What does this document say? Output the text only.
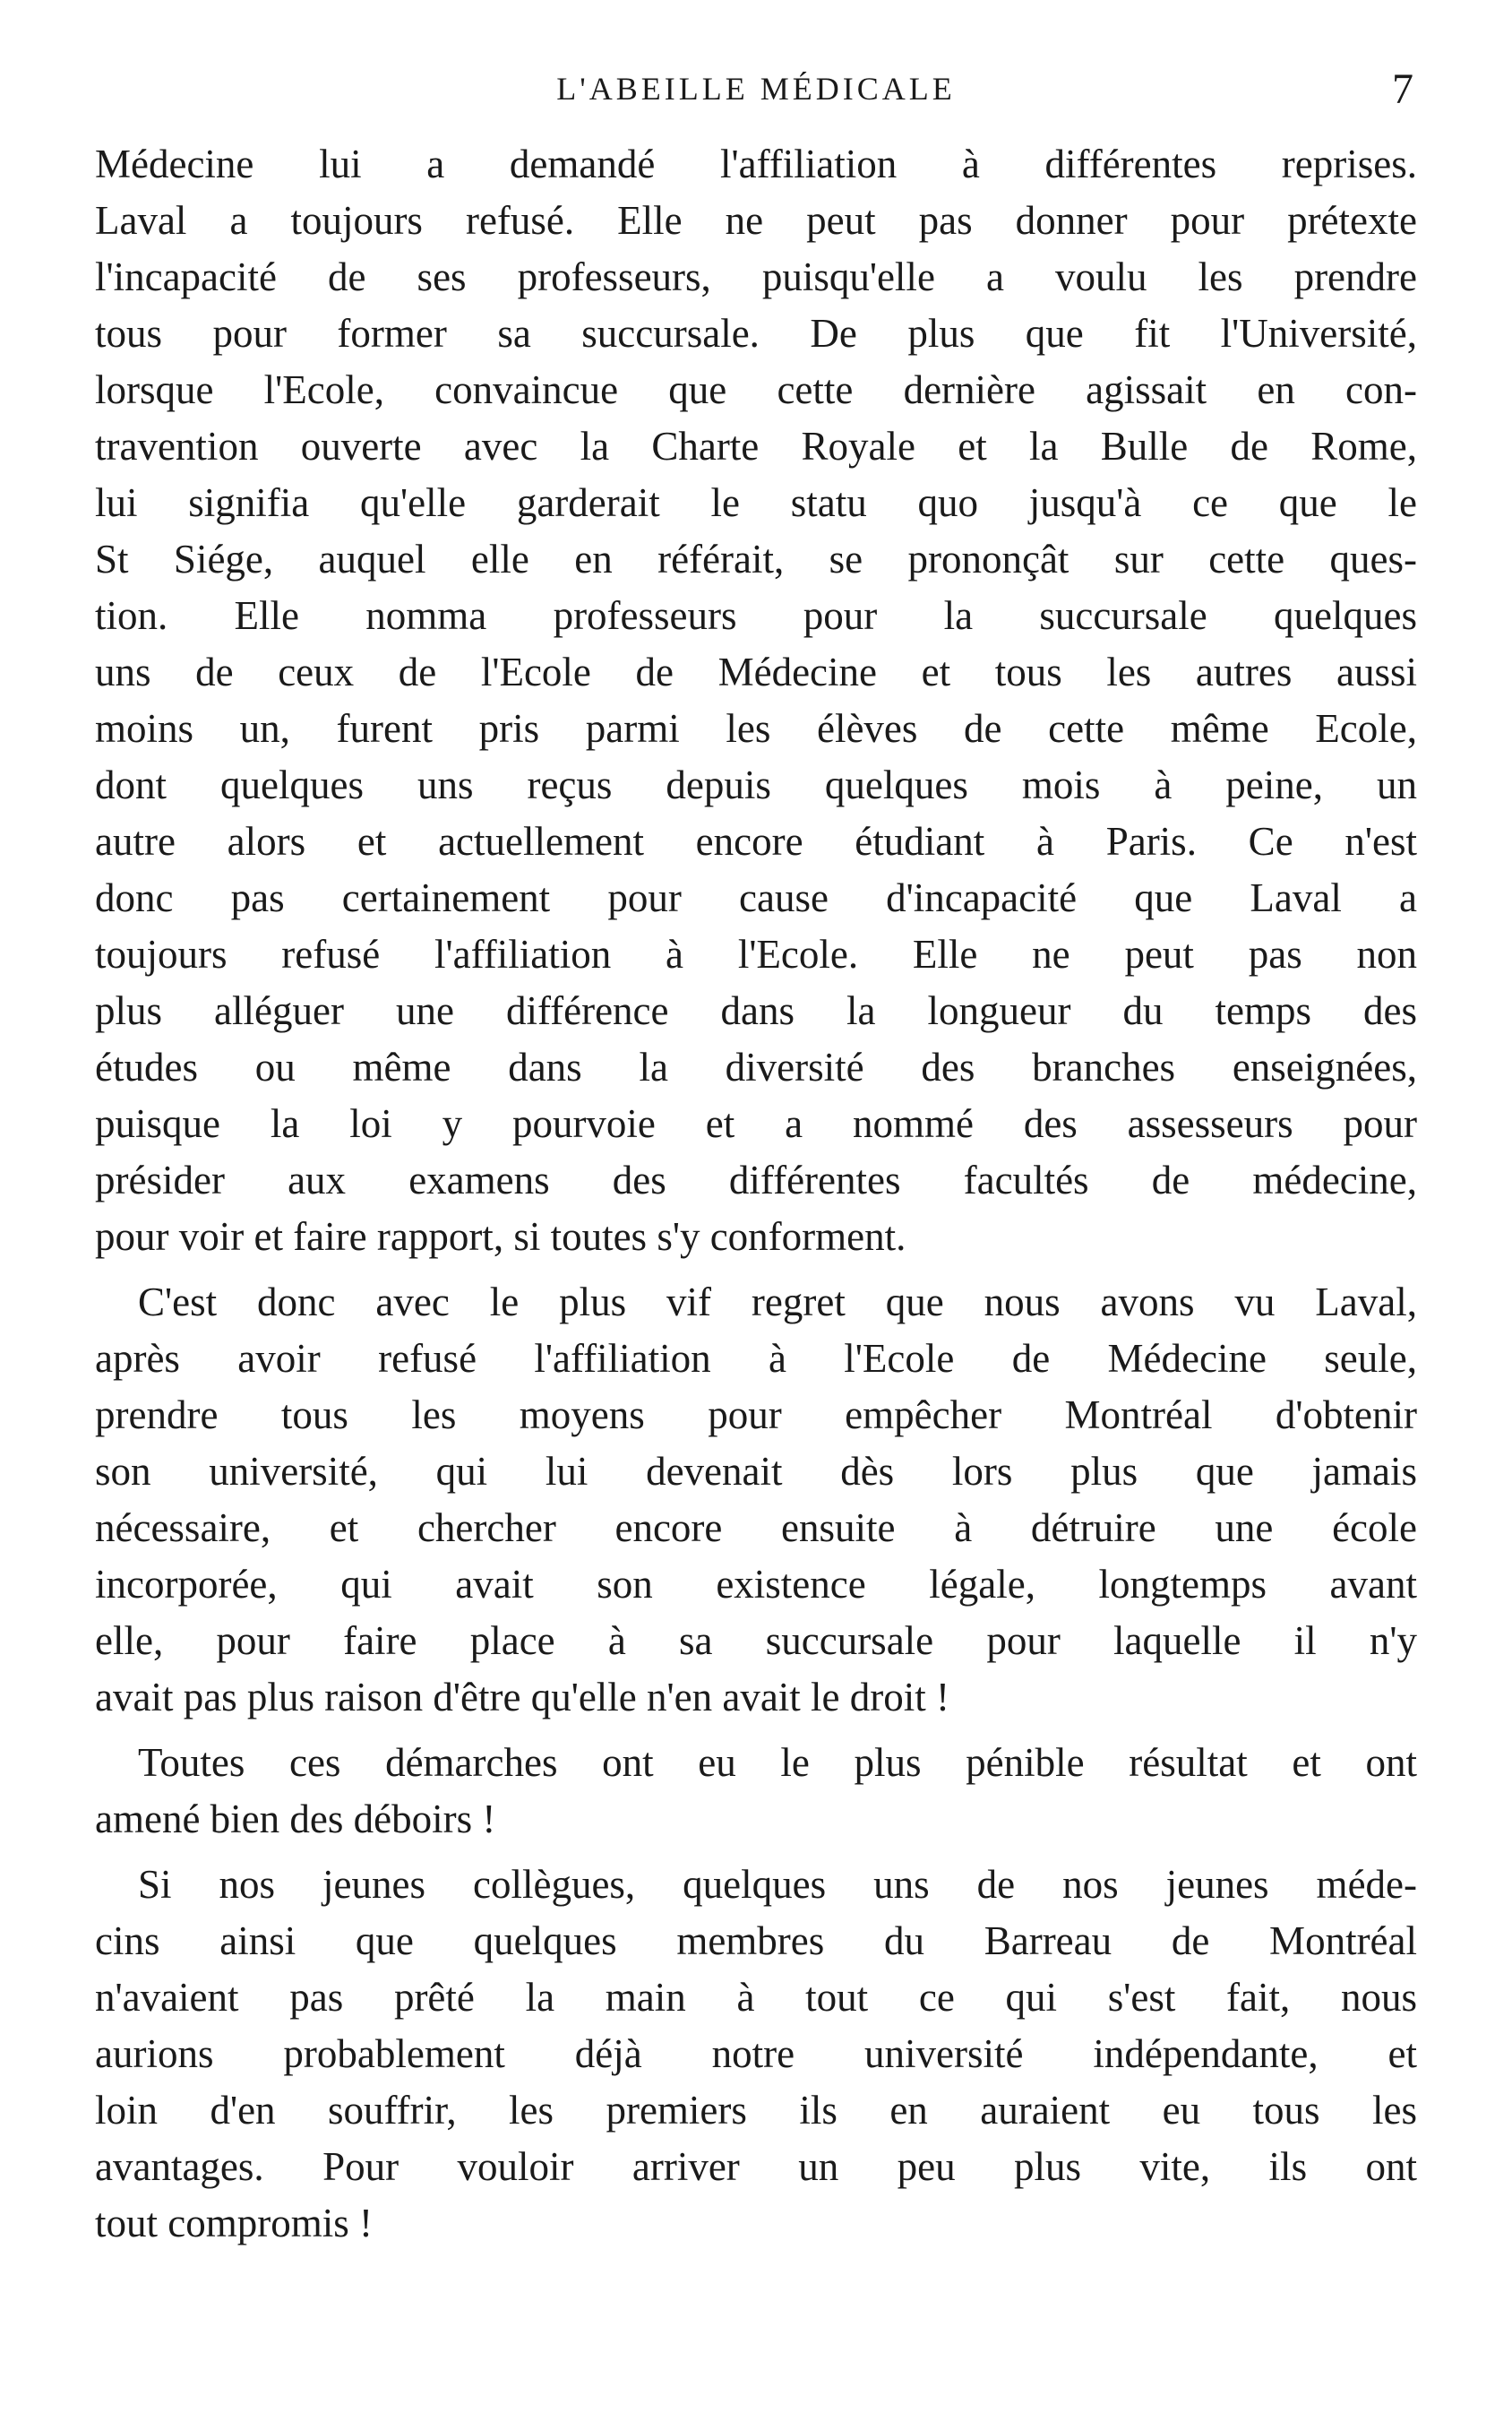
L'ABEILLE MÉDICALE	7
Médecine lui a demandé l'affiliation à différentes reprises.
Laval a toujours refusé. Elle ne peut pas donner pour prétexte
l'incapacité de ses professeurs, puisqu'elle a voulu les prendre
tous pour former sa succursale. De plus que fit l'Université,
lorsque l'Ecole, convaincue que cette dernière agissait en con-
travention ouverte avec la Charte Royale et la Bulle de Rome,
lui signifia qu'elle garderait le statu quo jusqu'à ce que le
St Siége, auquel elle en référait, se prononçât sur cette ques-
tion. Elle nomma professeurs pour la succursale quelques
uns de ceux de l'Ecole de Médecine et tous les autres aussi
moins un, furent pris parmi les élèves de cette même Ecole,
dont quelques uns reçus depuis quelques mois à peine, un
autre alors et actuellement encore étudiant à Paris. Ce n'est
donc pas certainement pour cause d'incapacité que Laval a
toujours refusé l'affiliation à l'Ecole. Elle ne peut pas non
plus alléguer une différence dans la longueur du temps des
études ou même dans la diversité des branches enseignées,
puisque la loi y pourvoie et a nommé des assesseurs pour
présider aux examens des différentes facultés de médecine,
pour voir et faire rapport, si toutes s'y conforment.
C'est donc avec le plus vif regret que nous avons vu Laval,
après avoir refusé l'affiliation à l'Ecole de Médecine seule,
prendre tous les moyens pour empêcher Montréal d'obtenir
son université, qui lui devenait dès lors plus que jamais
nécessaire, et chercher encore ensuite à détruire une école
incorporée, qui avait son existence légale, longtemps avant
elle, pour faire place à sa succursale pour laquelle il n'y
avait pas plus raison d'être qu'elle n'en avait le droit !
Toutes ces démarches ont eu le plus pénible résultat et ont
amené bien des déboirs !
Si nos jeunes collègues, quelques uns de nos jeunes méde-
cins ainsi que quelques membres du Barreau de Montréal
n'avaient pas prêté la main à tout ce qui s'est fait, nous
aurions probablement déjà notre université indépendante, et
loin d'en souffrir, les premiers ils en auraient eu tous les
avantages. Pour vouloir arriver un peu plus vite, ils ont
tout compromis !
